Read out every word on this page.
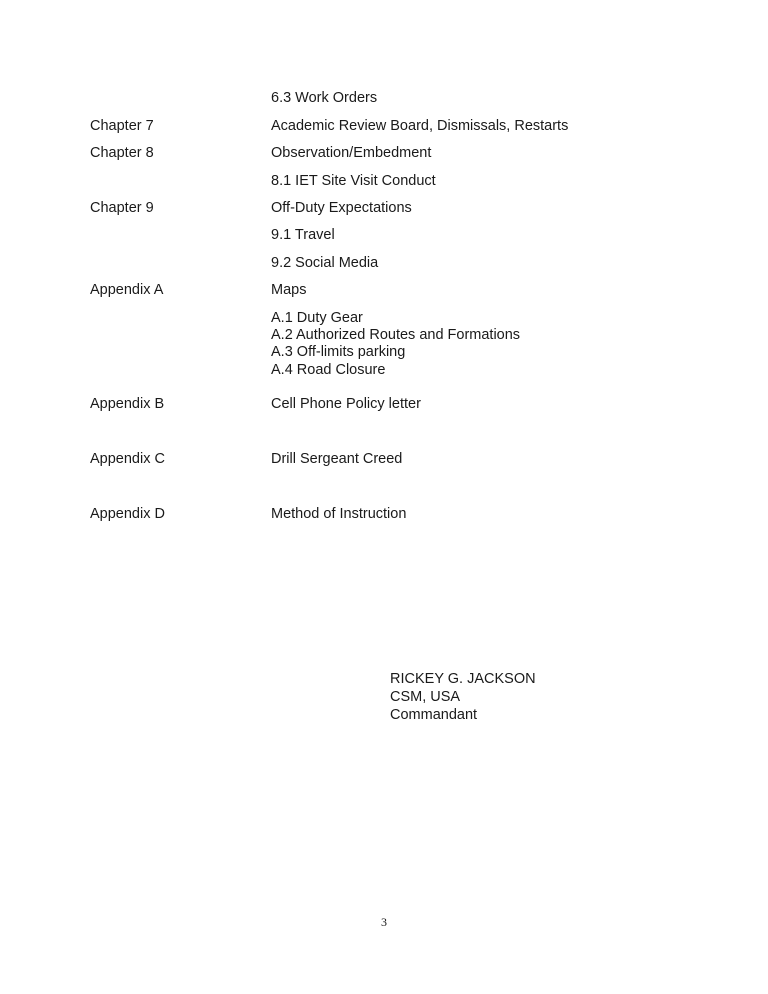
6.3 Work Orders
Chapter 7	Academic Review Board, Dismissals, Restarts
Chapter 8	Observation/Embedment
8.1 IET Site Visit Conduct
Chapter 9	Off-Duty Expectations
9.1 Travel
9.2 Social Media
Appendix A	Maps
A.1 Duty Gear
A.2 Authorized Routes and Formations
A.3 Off-limits parking
A.4 Road Closure
Appendix B	Cell Phone Policy letter
Appendix C	Drill Sergeant Creed
Appendix D	Method of Instruction
RICKEY G. JACKSON
CSM, USA
Commandant
3
